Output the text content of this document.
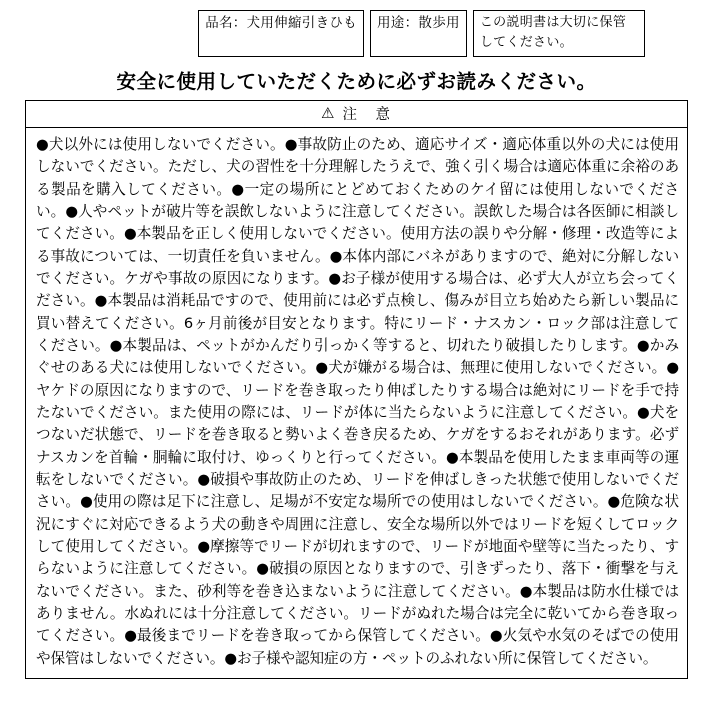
品名：犬用伸縮引きひも	用途：散歩用	この説明書は大切に保管してください。
安全に使用していただくために必ずお読みください。
⚠ 注　意

●犬以外には使用しないでください。●事故防止のため、適応サイズ・適応体重以外の犬には使用しないでください。ただし、犬の習性を十分理解したうえで、強く引く場合は適応体重に余裕のある製品を購入してください。●一定の場所にとどめておくためのケイ留には使用しないでください。●人やペットが破片等を誤飲しないように注意してください。誤飲した場合は各医師に相談してください。●本製品を正しく使用しないでください。使用方法の誤りや分解・修理・改造等による事故については、一切責任を負いません。●本体内部にバネがありますので、絶対に分解しないでください。ケガや事故の原因になります。●お子様が使用する場合は、必ず大人が立ち会ってください。●本製品は消耗品ですので、使用前には必ず点検し、傷みが目立ち始めたら新しい製品に買い替えてください。6ヶ月前後が目安となります。特にリード・ナスカン・ロック部は注意してください。●本製品は、ペットがかんだり引っかく等すると、切れたり破損したりします。●かみぐせのある犬には使用しないでください。●犬が嫌がる場合は、無理に使用しないでください。●ヤケドの原因になりますので、リードを巻き取ったり伸ばしたりする場合は絶対にリードを手で持たないでください。また使用の際には、リードが体に当たらないように注意してください。●犬をつないだ状態で、リードを巻き取ると勢いよく巻き戻るため、ケガをするおそれがあります。必ずナスカンを首輪・胴輪に取付け、ゆっくりと行ってください。●本製品を使用したまま車両等の運転をしないでください。●破損や事故防止のため、リードを伸ばしきった状態で使用しないでください。●使用の際は足下に注意し、足場が不安定な場所での使用はしないでください。●危険な状況にすぐに対応できるよう犬の動きや周囲に注意し、安全な場所以外ではリードを短くしてロックして使用してください。●摩擦等でリードが切れますので、リードが地面や壁等に当たったり、すらないように注意してください。●破損の原因となりますので、引きずったり、落下・衝撃を与えないでください。また、砂利等を巻き込まないように注意してください。●本製品は防水仕様ではありません。水ぬれには十分注意してください。リードがぬれた場合は完全に乾いてから巻き取ってください。●最後までリードを巻き取ってから保管してください。●火気や水気のそばでの使用や保管はしないでください。●お子様や認知症の方・ペットのふれない所に保管してください。
